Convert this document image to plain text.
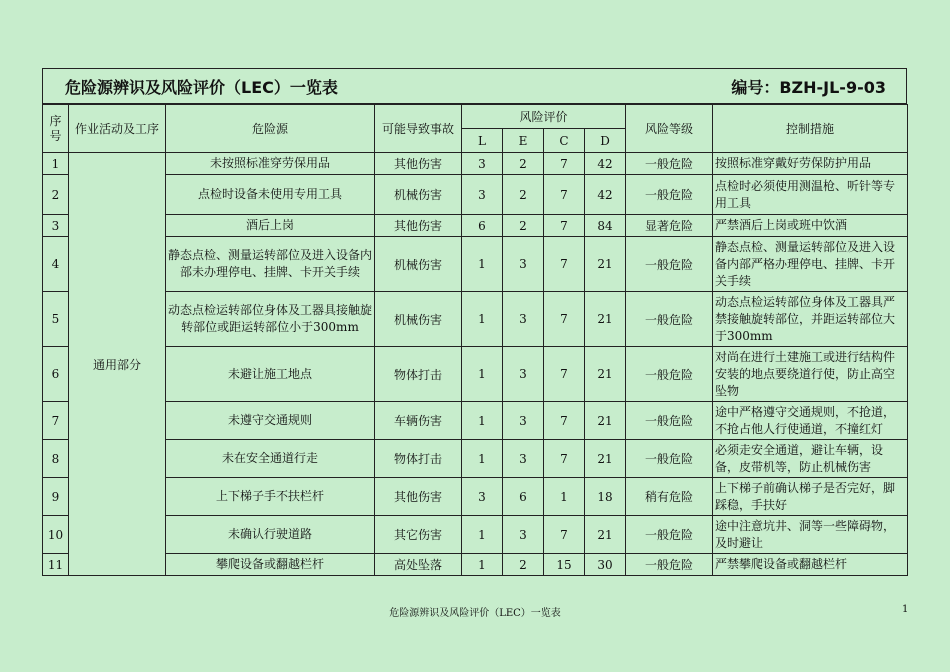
危险源辨识及风险评价（LEC）一览表	编号：BZH-JL-9-03
序号	作业活动及工序	危险源	可能导致事故	风险评价				风险等级	控制措施
				L	E	C	D		
1	通用部分	未按照标准穿劳保用品	其他伤害	3	2	7	42	一般危险	按照标准穿戴好劳保防护用品
2		点检时设备未使用专用工具	机械伤害	3	2	7	42	一般危险	点检时必须使用测温枪、听针等专用工具
3		酒后上岗	其他伤害	6	2	7	84	显著危险	严禁酒后上岗或班中饮酒
4		静态点检、测量运转部位及进入设备内部未办理停电、挂牌、卡开关手续	机械伤害	1	3	7	21	一般危险	静态点检、测量运转部位及进入设备内部严格办理停电、挂牌、卡开关手续
5		动态点检运转部位身体及工器具接触旋转部位或距运转部位小于300mm	机械伤害	1	3	7	21	一般危险	动态点检运转部位身体及工器具严禁接触旋转部位，并距运转部位大于300mm
6		未避让施工地点	物体打击	1	3	7	21	一般危险	对尚在进行土建施工或进行结构件安装的地点要绕道行使，防止高空坠物
7		未遵守交通规则	车辆伤害	1	3	7	21	一般危险	途中严格遵守交通规则，不抢道，不抢占他人行使通道，不撞红灯
8		未在安全通道行走	物体打击	1	3	7	21	一般危险	必须走安全通道，避让车辆，设备，皮带机等，防止机械伤害
9		上下梯子手不扶栏杆	其他伤害	3	6	1	18	稍有危险	上下梯子前确认梯子是否完好，脚踩稳，手扶好
10		未确认行驶道路	其它伤害	1	3	7	21	一般危险	途中注意坑井、洞等一些障碍物，及时避让
11		攀爬设备或翻越栏杆	高处坠落	1	2	15	30	一般危险	严禁攀爬设备或翻越栏杆
危险源辨识及风险评价（LEC）一览表	1
